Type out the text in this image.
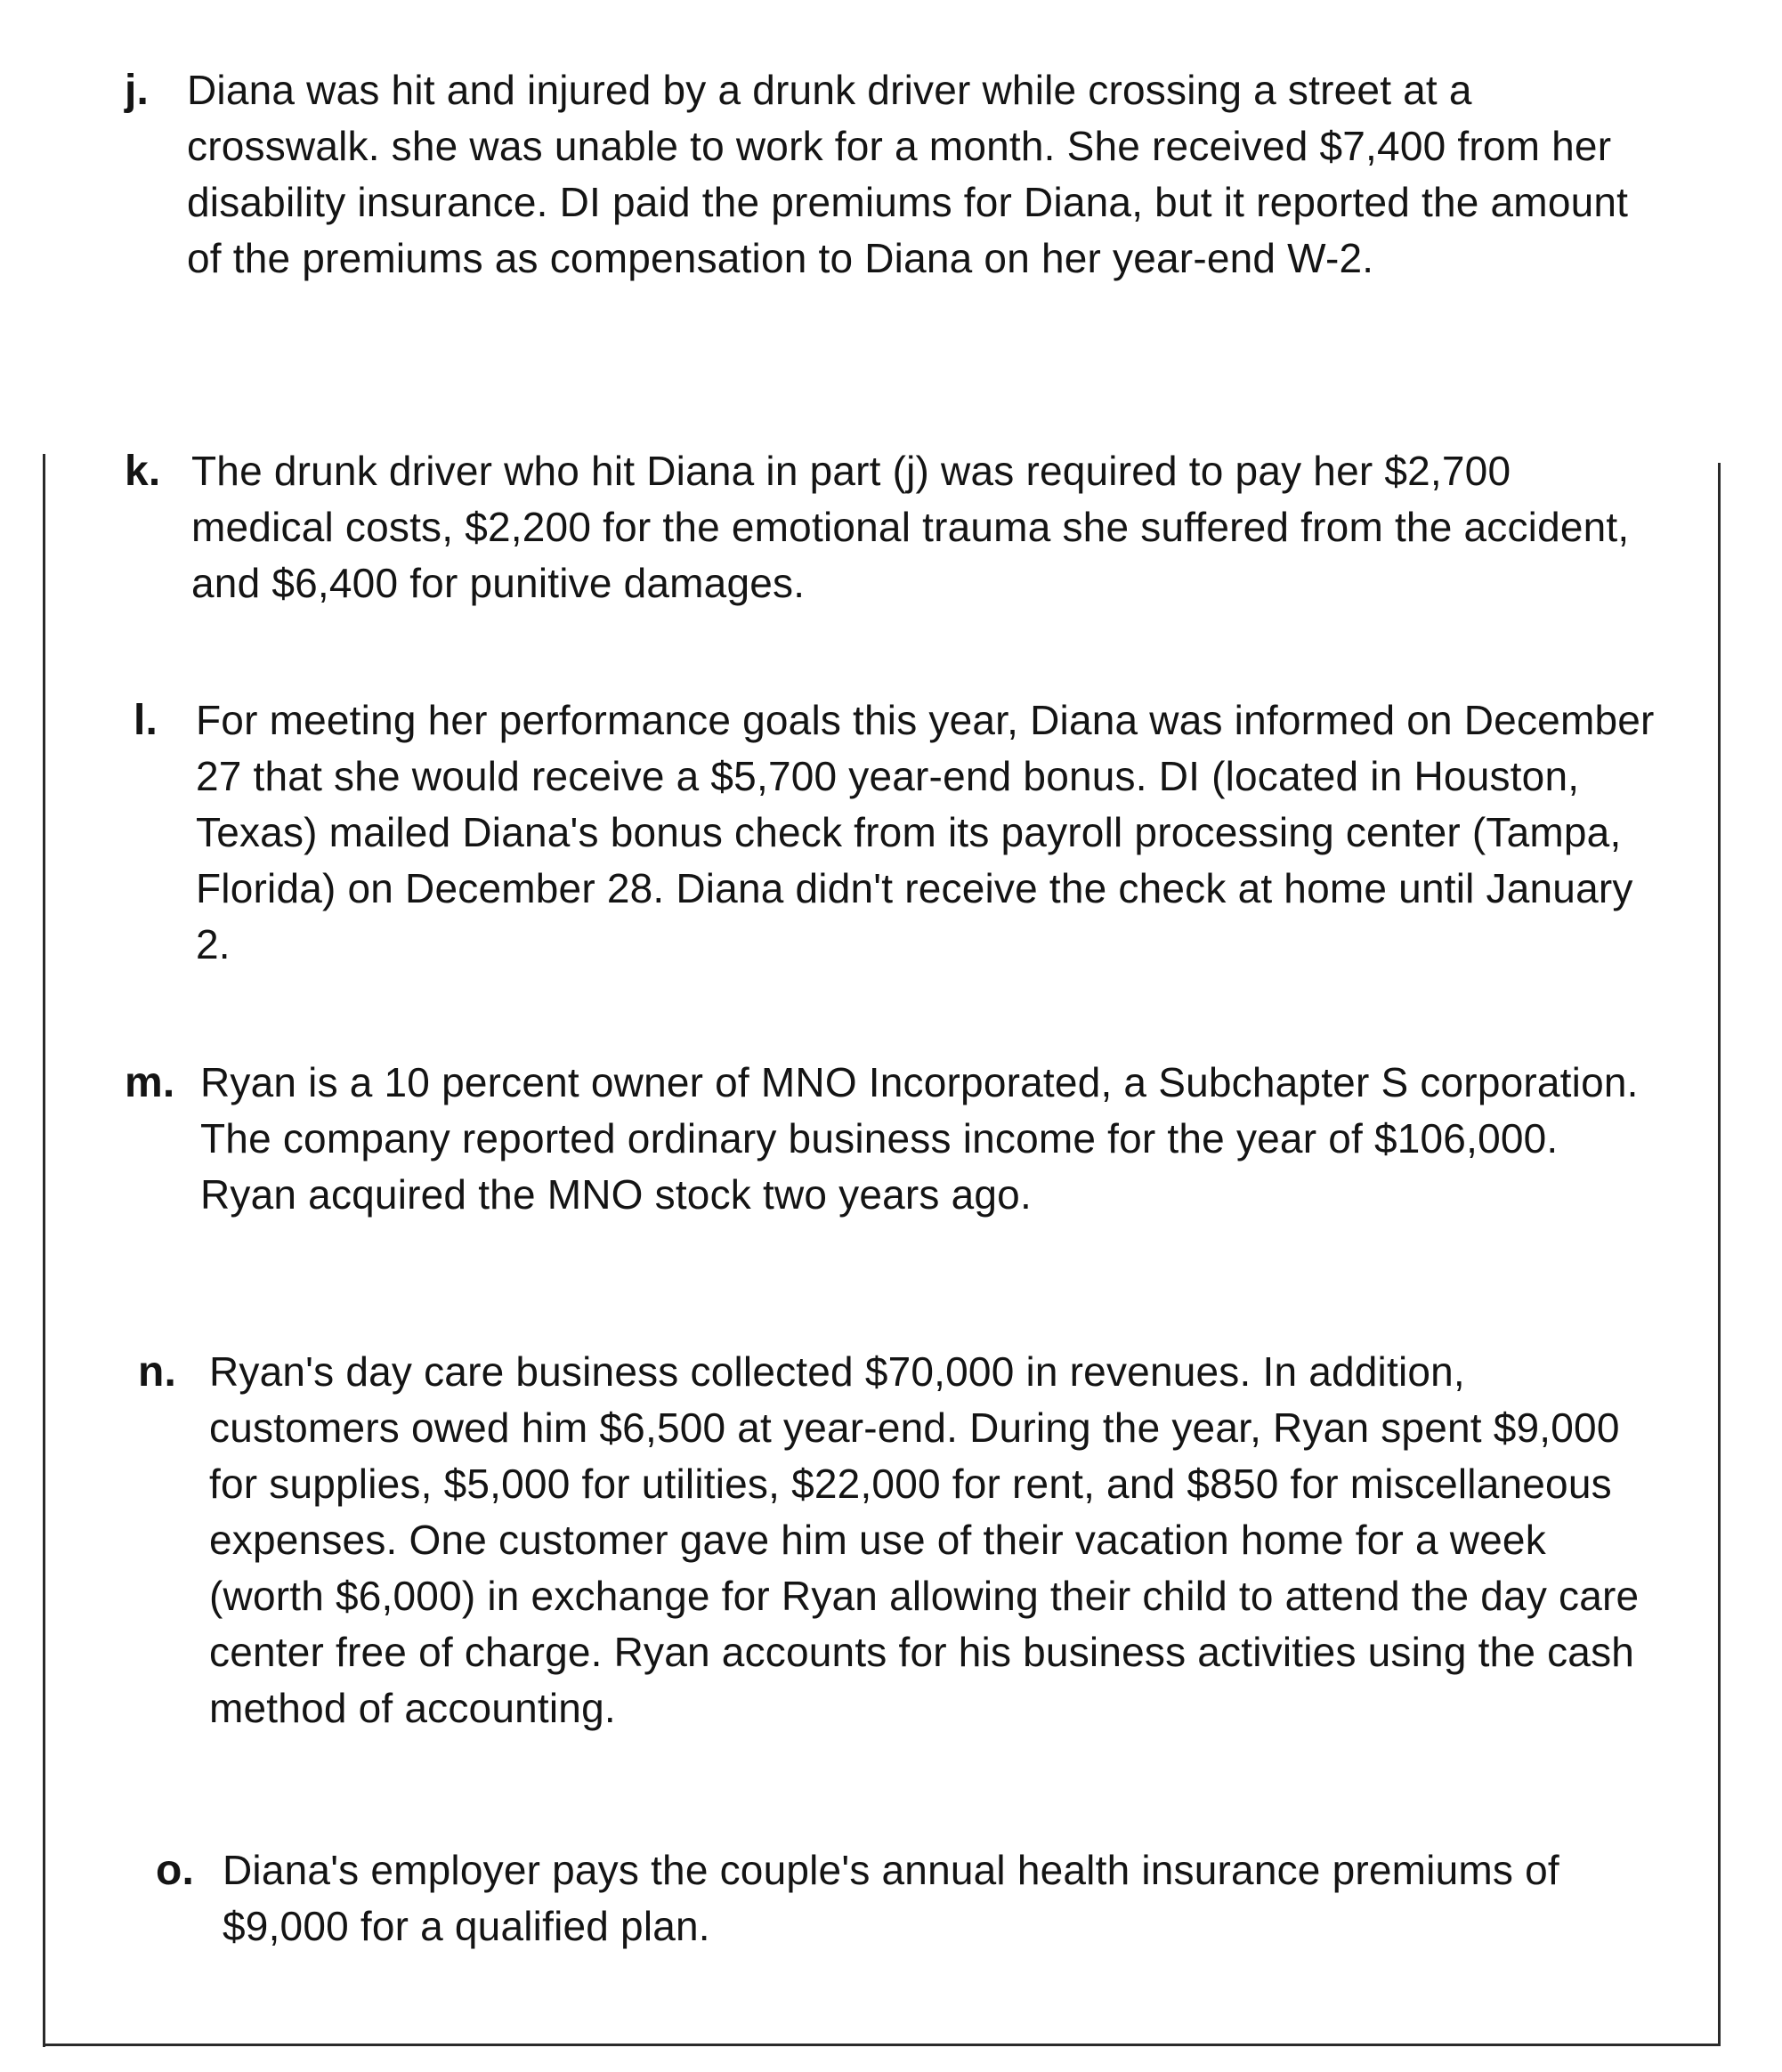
j. Diana was hit and injured by a drunk driver while crossing a street at a crosswalk. she was unable to work for a month. She received $7,400 from her disability insurance. DI paid the premiums for Diana, but it reported the amount of the premiums as compensation to Diana on her year-end W-2.
k. The drunk driver who hit Diana in part (j) was required to pay her $2,700 medical costs, $2,200 for the emotional trauma she suffered from the accident, and $6,400 for punitive damages.
l. For meeting her performance goals this year, Diana was informed on December 27 that she would receive a $5,700 year-end bonus. DI (located in Houston, Texas) mailed Diana's bonus check from its payroll processing center (Tampa, Florida) on December 28. Diana didn't receive the check at home until January 2.
m. Ryan is a 10 percent owner of MNO Incorporated, a Subchapter S corporation. The company reported ordinary business income for the year of $106,000. Ryan acquired the MNO stock two years ago.
n. Ryan's day care business collected $70,000 in revenues. In addition, customers owed him $6,500 at year-end. During the year, Ryan spent $9,000 for supplies, $5,000 for utilities, $22,000 for rent, and $850 for miscellaneous expenses. One customer gave him use of their vacation home for a week (worth $6,000) in exchange for Ryan allowing their child to attend the day care center free of charge. Ryan accounts for his business activities using the cash method of accounting.
o. Diana's employer pays the couple's annual health insurance premiums of $9,000 for a qualified plan.
